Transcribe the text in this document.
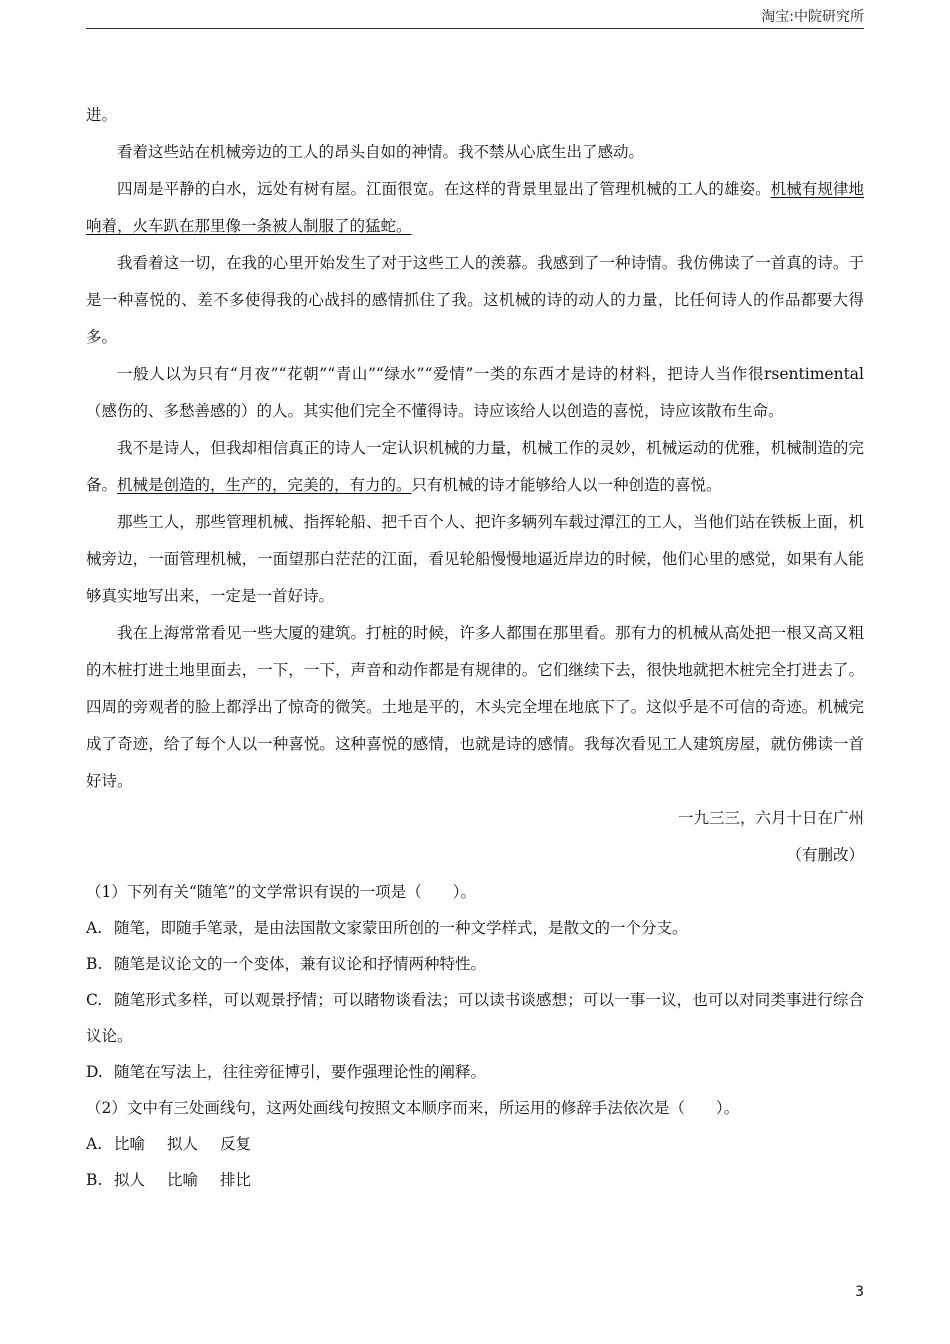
淘宝:中院研究所

进。

看着这些站在机械旁边的工人的昂头自如的神情。我不禁从心底生出了感动。

四周是平静的白水，远处有树有屋。江面很宽。在这样的背景里显出了管理机械的工人的雄姿。机械有规律地响着，火车趴在那里像一条被人制服了的猛蛇。

我看着这一切，在我的心里开始发生了对于这些工人的羡慕。我感到了一种诗情。我仿佛读了一首真的诗。于是一种喜悦的、差不多使得我的心战抖的感情抓住了我。这机械的诗的动人的力量，比任何诗人的作品都要大得多。

一般人以为只有“月夜”“花朝”“青山”“绿水”“爱情”一类的东西才是诗的材料，把诗人当作很rsentimental（感伤的、多愁善感的）的人。其实他们完全不懂得诗。诗应该给人以创造的喜悦，诗应该散布生命。

我不是诗人，但我却相信真正的诗人一定认识机械的力量，机械工作的灵妙，机械运动的优雅，机械制造的完备。机械是创造的，生产的，完美的，有力的。只有机械的诗才能够给人以一种创造的喜悦。

那些工人，那些管理机械、指挥轮船、把千百个人、把许多辆列车载过潭江的工人，当他们站在铁板上面，机械旁边，一面管理机械，一面望那白茫茫的江面，看见轮船慢慢地逼近岸边的时候，他们心里的感觉，如果有人能够真实地写出来，一定是一首好诗。

我在上海常常看见一些大厦的建筑。打桩的时候，许多人都围在那里看。那有力的机械从高处把一根又高又粗的木桩打进土地里面去，一下，一下，声音和动作都是有规律的。它们继续下去，很快地就把木桩完全打进去了。四周的旁观者的脸上都浮出了惊奇的微笑。土地是平的，木头完全埋在地底下了。这似乎是不可信的奇迹。机械完成了奇迹，给了每个人以一种喜悦。这种喜悦的感情，也就是诗的感情。我每次看见工人建筑房屋，就仿佛读一首好诗。

一九三三，六月十日在广州

（有删改）

（1）下列有关“随笔”的文学常识有误的一项是（　　）。

A. 随笔，即随手笔录，是由法国散文家蒙田所创的一种文学样式，是散文的一个分支。

B. 随笔是议论文的一个变体，兼有议论和抒情两种特性。

C. 随笔形式多样，可以观景抒情；可以睹物谈看法；可以读书谈感想；可以一事一议，也可以对同类事进行综合议论。

D. 随笔在写法上，往往旁征博引，要作强理论性的阐释。

（2）文中有三处画线句，这两处画线句按照文本顺序而来，所运用的修辞手法依次是（　　）。

A. 比喻 拟人 反复

B. 拟人 比喻 排比

3
